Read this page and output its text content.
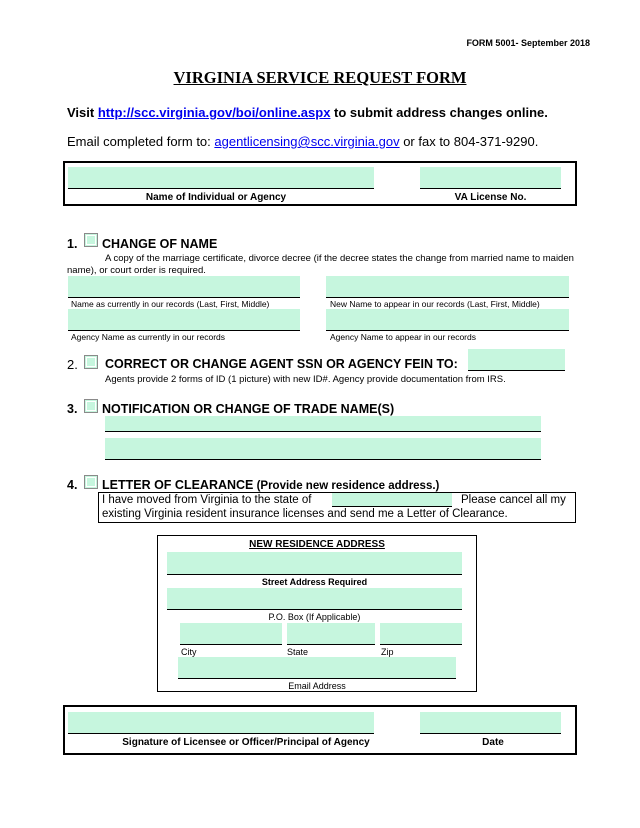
FORM 5001- September 2018
VIRGINIA SERVICE REQUEST FORM
Visit http://scc.virginia.gov/boi/online.aspx to submit address changes online.
Email completed form to: agentlicensing@scc.virginia.gov or fax to 804-371-9290.
Name of Individual or Agency	VA License No.
1. CHANGE OF NAME
A copy of the marriage certificate, divorce decree (if the decree states the change from married name to maiden name), or court order is required.
Name as currently in our records (Last, First, Middle)	New Name to appear in our records (Last, First, Middle)
Agency Name as currently in our records	Agency Name to appear in our records
2. CORRECT OR CHANGE AGENT SSN OR AGENCY FEIN TO:
Agents provide 2 forms of ID (1 picture) with new ID#. Agency provide documentation from IRS.
3. NOTIFICATION OR CHANGE OF TRADE NAME(S)
4. LETTER OF CLEARANCE (Provide new residence address.)
I have moved from Virginia to the state of	Please cancel all my
existing Virginia resident insurance licenses and send me a Letter of Clearance.
NEW RESIDENCE ADDRESS
Street Address Required
P.O. Box (If Applicable)
City	State	Zip
Email Address
Signature of Licensee or Officer/Principal of Agency	Date
